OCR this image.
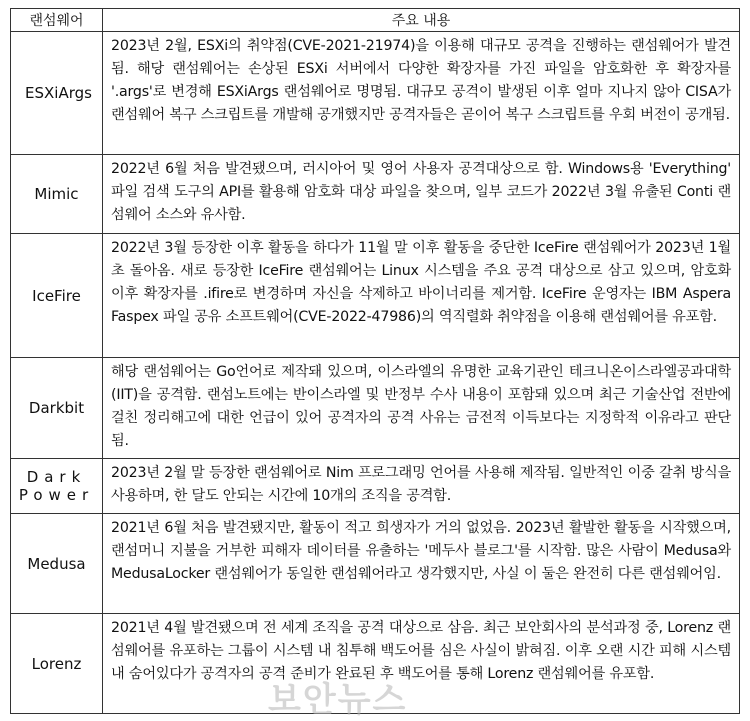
랜섬웨어	주요 내용
ESXiArgs	2023년 2월, ESXi의 취약점(CVE-2021-21974)을 이용해 대규모 공격을 진행하는 랜섬웨어가 발견됨. 해당 랜섬웨어는 손상된 ESXi 서버에서 다양한 확장자를 가진 파일을 암호화한 후 확장자를 '.args'로 변경해 ESXiArgs 랜섬웨어로 명명됨. 대규모 공격이 발생된 이후 얼마 지나지 않아 CISA가 랜섬웨어 복구 스크립트를 개발해 공개했지만 공격자들은 곧이어 복구 스크립트를 우회 버전이 공개됨.
Mimic	2022년 6월 처음 발견됐으며, 러시아어 및 영어 사용자 공격대상으로 함. Windows용 'Everything' 파일 검색 도구의 API를 활용해 암호화 대상 파일을 찾으며, 일부 코드가 2022년 3월 유출된 Conti 랜섬웨어 소스와 유사함.
IceFire	2022년 3월 등장한 이후 활동을 하다가 11월 말 이후 활동을 중단한 IceFire 랜섬웨어가 2023년 1월 초 돌아옴. 새로 등장한 IceFire 랜섬웨어는 Linux 시스템을 주요 공격 대상으로 삼고 있으며, 암호화 이후 확장자를 .ifire로 변경하며 자신을 삭제하고 바이너리를 제거함. IceFire 운영자는 IBM Aspera Faspex 파일 공유 소프트웨어(CVE-2022-47986)의 역직렬화 취약점을 이용해 랜섬웨어를 유포함.
Darkbit	해당 랜섬웨어는 Go언어로 제작돼 있으며, 이스라엘의 유명한 교육기관인 테크니온이스라엘공과대학(IIT)을 공격함. 랜섬노트에는 반이스라엘 및 반정부 수사 내용이 포함돼 있으며 최근 기술산업 전반에 걸친 정리해고에 대한 언급이 있어 공격자의 공격 사유는 금전적 이득보다는 지정학적 이유라고 판단됨.
Dark Power	2023년 2월 말 등장한 랜섬웨어로 Nim 프로그래밍 언어를 사용해 제작됨. 일반적인 이중 갈취 방식을 사용하며, 한 달도 안되는 시간에 10개의 조직을 공격함.
Medusa	2021년 6월 처음 발견됐지만, 활동이 적고 희생자가 거의 없었음. 2023년 활발한 활동을 시작했으며, 랜섬머니 지불을 거부한 피해자 데이터를 유출하는 '메두사 블로그'를 시작함. 많은 사람이 Medusa와 MedusaLocker 랜섬웨어가 동일한 랜섬웨어라고 생각했지만, 사실 이 둘은 완전히 다른 랜섬웨어임.
Lorenz	2021년 4월 발견됐으며 전 세계 조직을 공격 대상으로 삼음. 최근 보안회사의 분석과정 중, Lorenz 랜섬웨어를 유포하는 그룹이 시스템 내 침투해 백도어를 심은 사실이 밝혀짐. 이후 오랜 시간 피해 시스템 내 숨어있다가 공격자의 공격 준비가 완료된 후 백도어를 통해 Lorenz 랜섬웨어를 유포함.
보안뉴스
